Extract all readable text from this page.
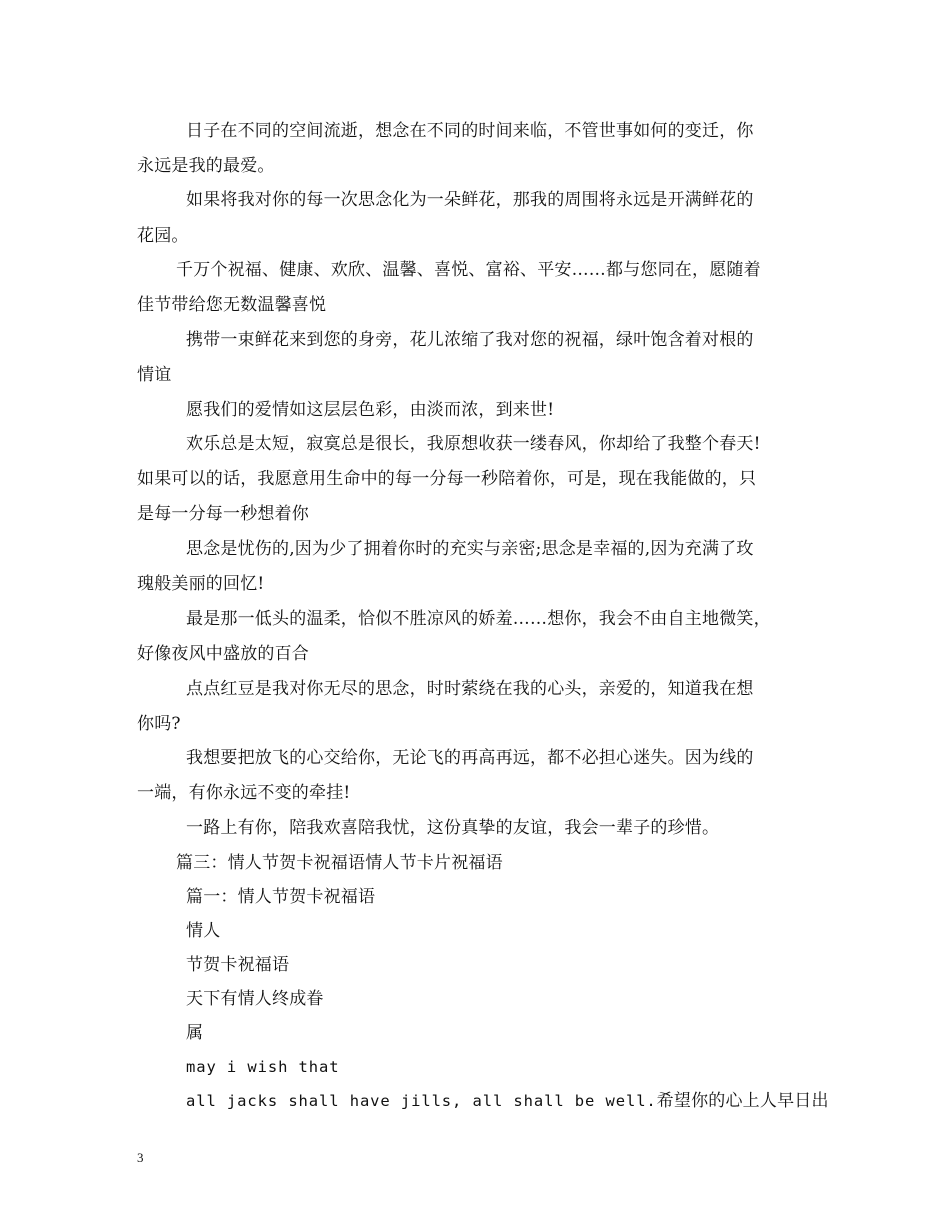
日子在不同的空间流逝，想念在不同的时间来临，不管世事如何的变迁，你
永远是我的最爱。
如果将我对你的每一次思念化为一朵鲜花，那我的周围将永远是开满鲜花的
花园。
千万个祝福、健康、欢欣、温馨、喜悦、富裕、平安……都与您同在，愿随着
佳节带给您无数温馨喜悦
携带一束鲜花来到您的身旁，花儿浓缩了我对您的祝福，绿叶饱含着对根的
情谊
愿我们的爱情如这层层色彩，由淡而浓，到来世!
欢乐总是太短，寂寞总是很长，我原想收获一缕春风，你却给了我整个春天!
如果可以的话，我愿意用生命中的每一分每一秒陪着你，可是，现在我能做的，只
是每一分每一秒想着你
思念是忧伤的,因为少了拥着你时的充实与亲密;思念是幸福的,因为充满了玫
瑰般美丽的回忆!
最是那一低头的温柔，恰似不胜凉风的娇羞……想你，我会不由自主地微笑，
好像夜风中盛放的百合
点点红豆是我对你无尽的思念，时时萦绕在我的心头，亲爱的，知道我在想
你吗?
我想要把放飞的心交给你，无论飞的再高再远，都不必担心迷失。因为线的
一端，有你永远不变的牵挂!
一路上有你，陪我欢喜陪我忧，这份真挚的友谊，我会一辈子的珍惜。
篇三：情人节贺卡祝福语情人节卡片祝福语
篇一：情人节贺卡祝福语
情人
节贺卡祝福语
天下有情人终成眷
属
may i wish that
all jacks shall have jills, all shall be well.希望你的心上人早日出
3
